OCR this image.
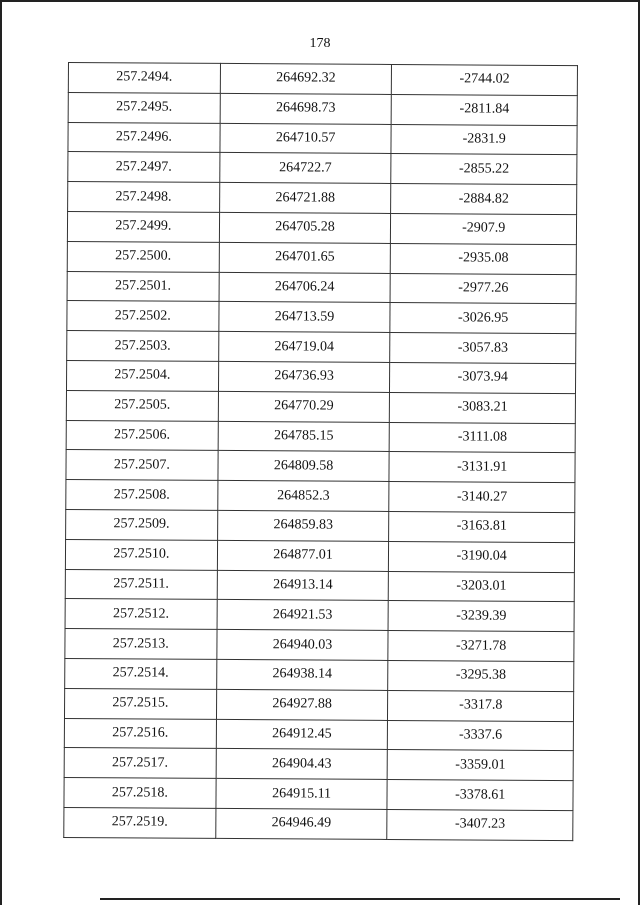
178
257.2494.	264692.32	-2744.02
257.2495.	264698.73	-2811.84
257.2496.	264710.57	-2831.9
257.2497.	264722.7	-2855.22
257.2498.	264721.88	-2884.82
257.2499.	264705.28	-2907.9
257.2500.	264701.65	-2935.08
257.2501.	264706.24	-2977.26
257.2502.	264713.59	-3026.95
257.2503.	264719.04	-3057.83
257.2504.	264736.93	-3073.94
257.2505.	264770.29	-3083.21
257.2506.	264785.15	-3111.08
257.2507.	264809.58	-3131.91
257.2508.	264852.3	-3140.27
257.2509.	264859.83	-3163.81
257.2510.	264877.01	-3190.04
257.2511.	264913.14	-3203.01
257.2512.	264921.53	-3239.39
257.2513.	264940.03	-3271.78
257.2514.	264938.14	-3295.38
257.2515.	264927.88	-3317.8
257.2516.	264912.45	-3337.6
257.2517.	264904.43	-3359.01
257.2518.	264915.11	-3378.61
257.2519.	264946.49	-3407.23
